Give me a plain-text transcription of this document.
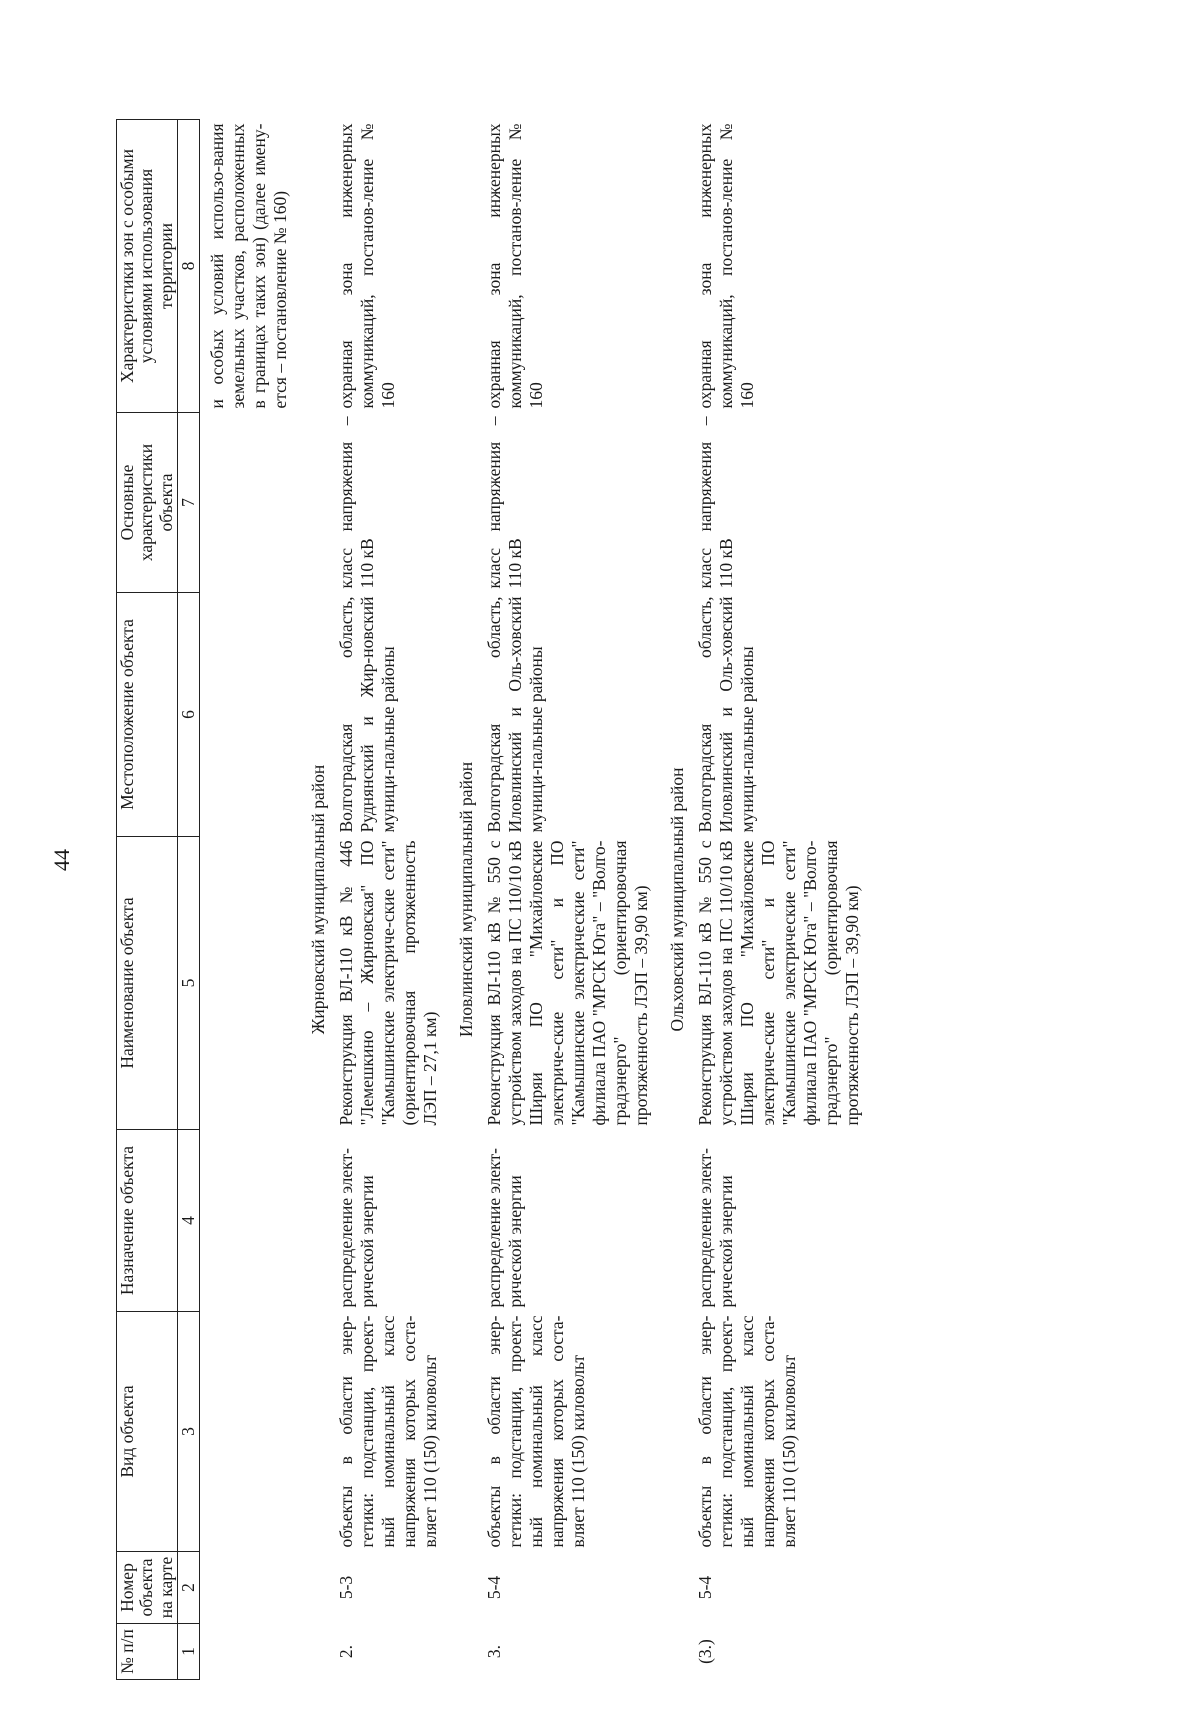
44
№ п/п	Номер объекта на карте	Вид объекта	Назначение объекта	Наименование объекта	Местоположение объекта	Основные характеристики объекта	Характеристики зон с особыми условиями использования территории
1	2	3	4	5	6	7	8

							и особых условий использо-вания земельных участков, расположенных в границах таких зон) (далее имену-ется – постановление № 160)
Жирновский муниципальный район							
2.	5-3	объекты в области энер-гетики: подстанции, проект-ный номинальный класс напряжения которых соста-вляет 110 (150) киловольт	распределение элект-рической энергии	Реконструкция ВЛ-110 кВ № 446 "Лемешкино – Жирновская" ПО "Камышинские электриче-ские сети" (ориентировочная протяженность ЛЭП – 27,1 км)	Волгоградская область, Руднянский и Жир-новский муници-пальные районы	класс напряжения – 110 кВ	охранная зона инженерных коммуникаций, постанов-ление № 160
Иловлинский муниципальный район							
3.	5-4	объекты в области энер-гетики: подстанции, проект-ный номинальный класс напряжения которых соста-вляет 110 (150) киловольт	распределение элект-рической энергии	Реконструкция ВЛ-110 кВ № 550 с устройством заходов на ПС 110/10 кВ Ширяи ПО "Михайловские электриче-ские сети" и ПО "Камышинские электрические сети" филиала ПАО "МРСК Юга" – "Волго-градэнерго" (ориентировочная протяженность ЛЭП – 39,90 км)	Волгоградская область, Иловлинский и Оль-ховский муници-пальные районы	класс напряжения – 110 кВ	охранная зона инженерных коммуникаций, постанов-ление № 160
Ольховский муниципальный район							
(3.)	5-4	объекты в области энер-гетики: подстанции, проект-ный номинальный класс напряжения которых соста-вляет 110 (150) киловольт	распределение элект-рической энергии	Реконструкция ВЛ-110 кВ № 550 с устройством заходов на ПС 110/10 кВ Ширяи ПО "Михайловские электриче-ские сети" и ПО "Камышинские электрические сети" филиала ПАО "МРСК Юга" – "Волго-градэнерго" (ориентировочная протяженность ЛЭП – 39,90 км)	Волгоградская область, Иловлинский и Оль-ховский муници-пальные районы	класс напряжения – 110 кВ	охранная зона инженерных коммуникаций, постанов-ление № 160
